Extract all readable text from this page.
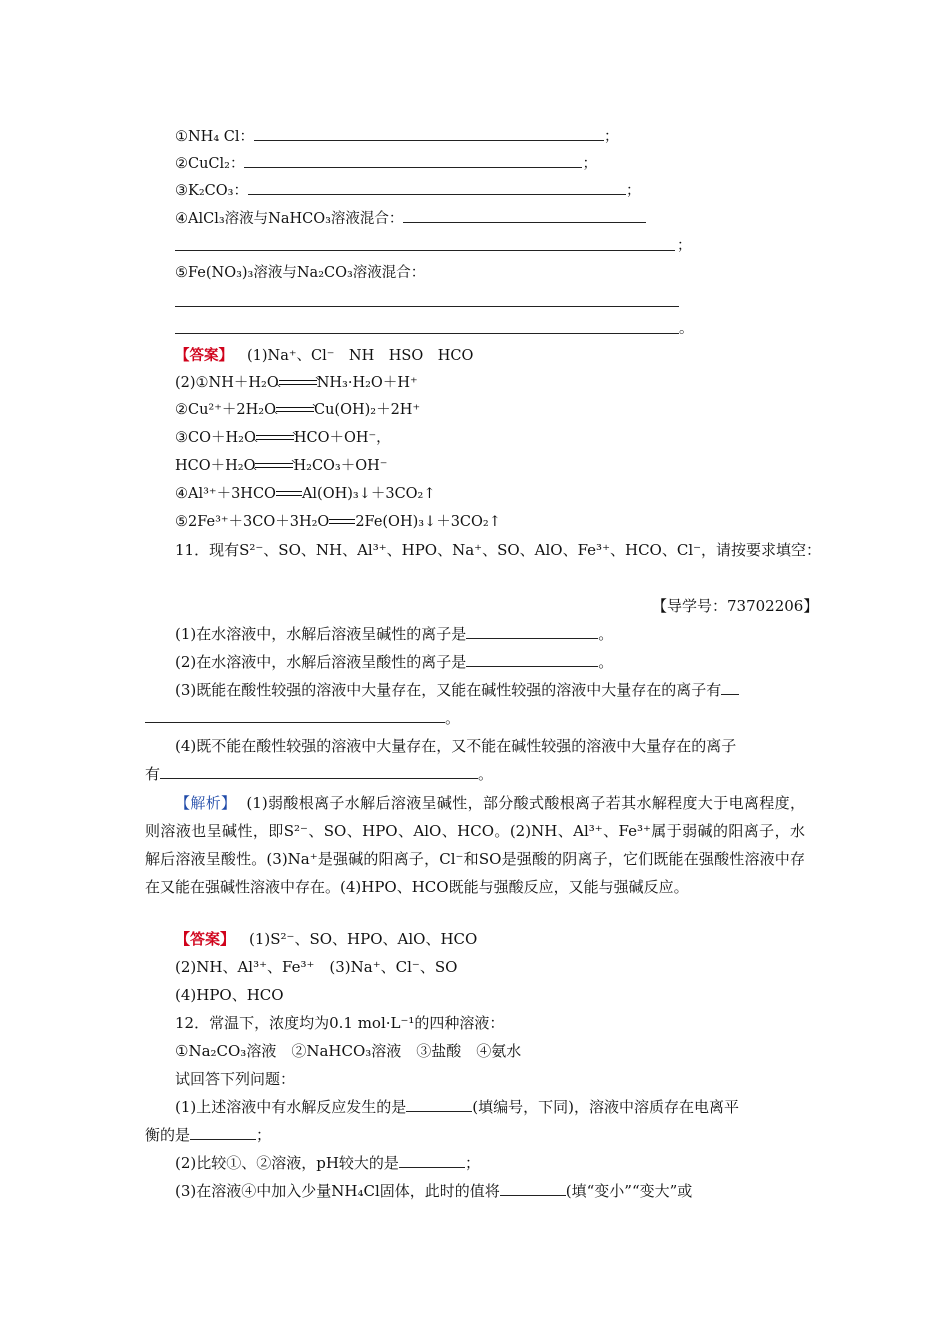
①NH₄ Cl：	；
②CuCl₂：	；
③K₂CO₃：	；
④AlCl₃溶液与NaHCO₃溶液混合：
；
⑤Fe(NO₃)₃溶液与Na₂CO₃溶液混合：
。
【答案】 (1)Na⁺、Cl⁻　NH　HSO　HCO
(2)①NH＋H₂O	NH₃·H₂O＋H⁺
②Cu²⁺＋2H₂O	Cu(OH)₂＋2H⁺
③CO＋H₂O	HCO＋OH⁻，
HCO＋H₂O	H₂CO₃＋OH⁻
④Al³⁺＋3HCO Al(OH)₃↓＋3CO₂↑
⑤2Fe³⁺＋3CO＋3H₂O 2Fe(OH)₃↓＋3CO₂↑
11．现有S²⁻、SO、NH、Al³⁺、HPO、Na⁺、SO、AlO、Fe³⁺、HCO、Cl⁻，请按要求填空：
【导学号：73702206】
(1)在水溶液中，水解后溶液呈碱性的离子是	。
(2)在水溶液中，水解后溶液呈酸性的离子是	。
(3)既能在酸性较强的溶液中大量存在，又能在碱性较强的溶液中大量存在的离子有
。
(4)既不能在酸性较强的溶液中大量存在，又不能在碱性较强的溶液中大量存在的离子
有	。
【解析】 (1)弱酸根离子水解后溶液呈碱性，部分酸式酸根离子若其水解程度大于电离程度，则溶液也呈碱性，即S²⁻、SO、HPO、AlO、HCO。(2)NH、Al³⁺、Fe³⁺属于弱碱的阳离子，水解后溶液呈酸性。(3)Na⁺是强碱的阳离子，Cl⁻和SO是强酸的阴离子，它们既能在强酸性溶液中存在又能在强碱性溶液中存在。(4)HPO、HCO既能与强酸反应，又能与强碱反应。
【答案】 (1)S²⁻、SO、HPO、AlO、HCO
(2)NH、Al³⁺、Fe³⁺　(3)Na⁺、Cl⁻、SO
(4)HPO、HCO
12．常温下，浓度均为0.1 mol·L⁻¹的四种溶液：
①Na₂CO₃溶液　②NaHCO₃溶液　③盐酸　④氨水
试回答下列问题：
(1)上述溶液中有水解反应发生的是	(填编号，下同)，溶液中溶质存在电离平
衡的是	；
(2)比较①、②溶液，pH较大的是	；
(3)在溶液④中加入少量NH₄Cl固体，此时的值将	(填“变小”“变大”或
